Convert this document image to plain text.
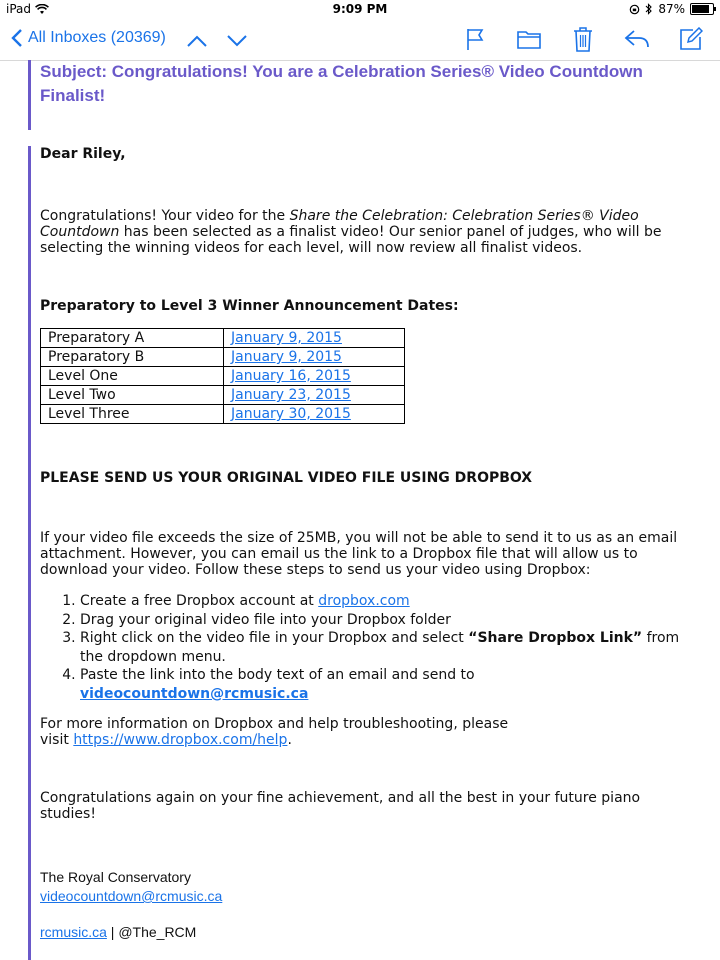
iPad	9:09 PM	87%
All Inboxes (20369)
Subject: Congratulations! You are a Celebration Series® Video Countdown Finalist!
Dear Riley,
Congratulations! Your video for the Share the Celebration: Celebration Series® Video Countdown has been selected as a finalist video! Our senior panel of judges, who will be selecting the winning videos for each level, will now review all finalist videos.
Preparatory to Level 3 Winner Announcement Dates:
Preparatory A	January 9, 2015
Preparatory B	January 9, 2015
Level One	January 16, 2015
Level Two	January 23, 2015
Level Three	January 30, 2015
PLEASE SEND US YOUR ORIGINAL VIDEO FILE USING DROPBOX
If your video file exceeds the size of 25MB, you will not be able to send it to us as an email attachment. However, you can email us the link to a Dropbox file that will allow us to download your video. Follow these steps to send us your video using Dropbox:
1. Create a free Dropbox account at dropbox.com
2. Drag your original video file into your Dropbox folder
3. Right click on the video file in your Dropbox and select “Share Dropbox Link” from the dropdown menu.
4. Paste the link into the body text of an email and send to videocountdown@rcmusic.ca
For more information on Dropbox and help troubleshooting, please visit https://www.dropbox.com/help.
Congratulations again on your fine achievement, and all the best in your future piano studies!
The Royal Conservatory
videocountdown@rcmusic.ca
rcmusic.ca | @The_RCM
